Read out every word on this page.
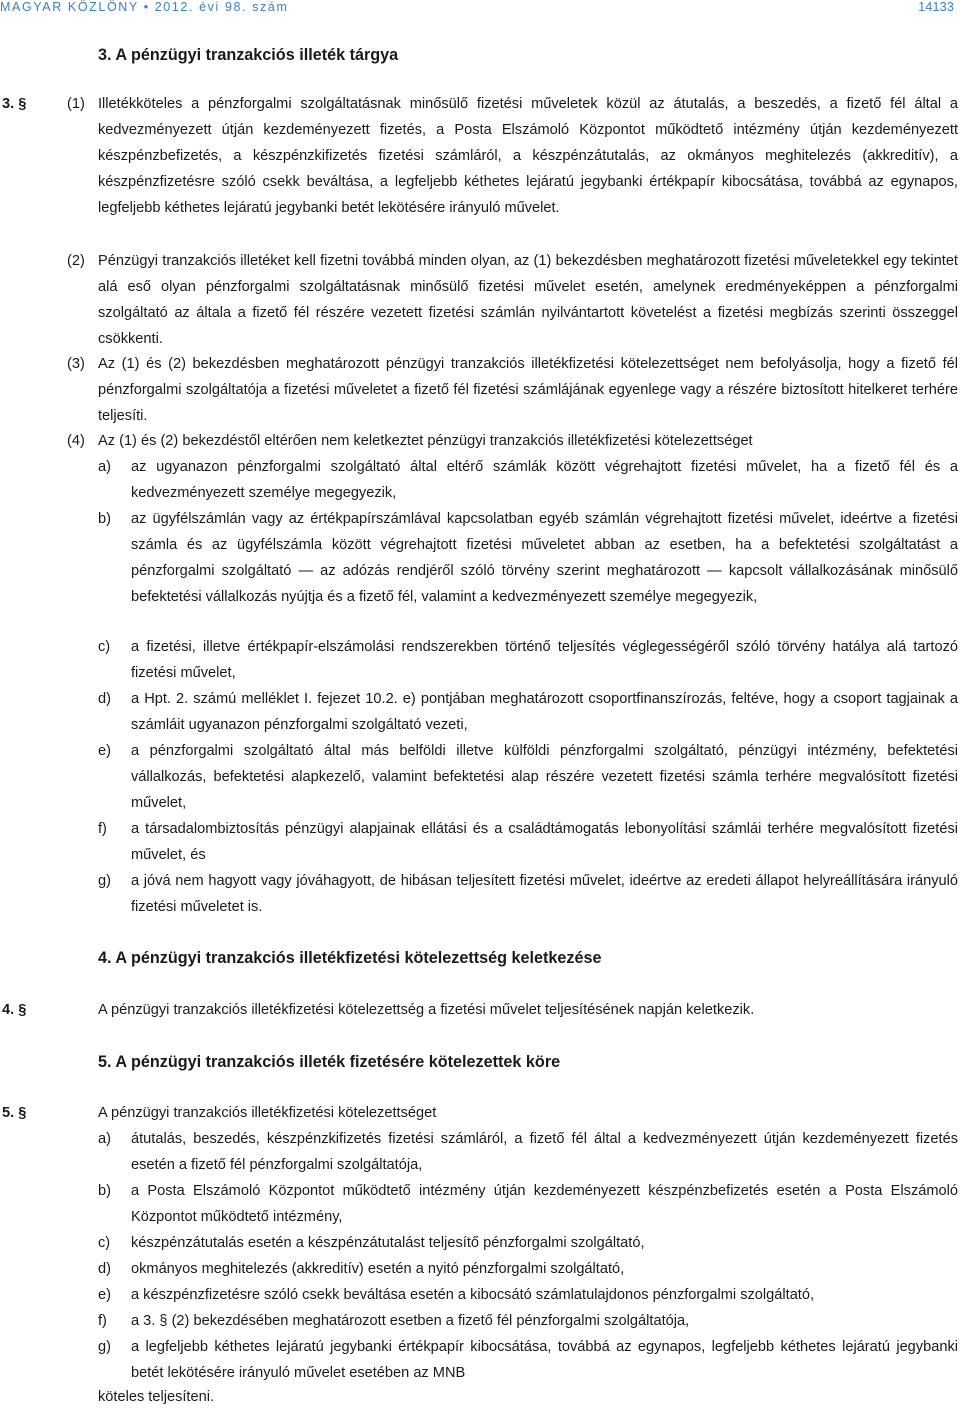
MAGYAR KÖZLÖNY • 2012. évi 98. szám	14133
3. A pénzügyi tranzakciós illeték tárgya
3. §	(1) Illetékköteles a pénzforgalmi szolgáltatásnak minősülő fizetési műveletek közül az átutalás, a beszedés, a fizető fél által a kedvezményezett útján kezdeményezett fizetés, a Posta Elszámoló Központot működtető intézmény útján kezdeményezett készpénzbefizetés, a készpénzkifizetés fizetési számláról, a készpénzátutalás, az okmányos meghitelezés (akkreditív), a készpénzfizetésre szóló csekk beváltása, a legfeljebb kéthetes lejáratú jegybanki értékpapír kibocsátása, továbbá az egynapos, legfeljebb kéthetes lejáratú jegybanki betét lekötésére irányuló művelet.
(2) Pénzügyi tranzakciós illetéket kell fizetni továbbá minden olyan, az (1) bekezdésben meghatározott fizetési műveletekkel egy tekintet alá eső olyan pénzforgalmi szolgáltatásnak minősülő fizetési művelet esetén, amelynek eredményeképpen a pénzforgalmi szolgáltató az általa a fizető fél részére vezetett fizetési számlán nyilvántartott követelést a fizetési megbízás szerinti összeggel csökkenti.
(3) Az (1) és (2) bekezdésben meghatározott pénzügyi tranzakciós illetékfizetési kötelezettséget nem befolyásolja, hogy a fizető fél pénzforgalmi szolgáltatója a fizetési műveletet a fizető fél fizetési számlájának egyenlege vagy a részére biztosított hitelkeret terhére teljesíti.
(4) Az (1) és (2) bekezdéstől eltérően nem keletkeztet pénzügyi tranzakciós illetékfizetési kötelezettséget
a) az ugyanazon pénzforgalmi szolgáltató által eltérő számlák között végrehajtott fizetési művelet, ha a fizető fél és a kedvezményezett személye megegyezik,
b) az ügyfélszámlán vagy az értékpapírszámlával kapcsolatban egyéb számlán végrehajtott fizetési művelet, ideértve a fizetési számla és az ügyfélszámla között végrehajtott fizetési műveletet abban az esetben, ha a befektetési szolgáltatást a pénzforgalmi szolgáltató — az adózás rendjéről szóló törvény szerint meghatározott — kapcsolt vállalkozásának minősülő befektetési vállalkozás nyújtja és a fizető fél, valamint a kedvezményezett személye megegyezik,
c) a fizetési, illetve értékpapír-elszámolási rendszerekben történő teljesítés véglegességéről szóló törvény hatálya alá tartozó fizetési művelet,
d) a Hpt. 2. számú melléklet I. fejezet 10.2. e) pontjában meghatározott csoportfinanszírozás, feltéve, hogy a csoport tagjainak a számláit ugyanazon pénzforgalmi szolgáltató vezeti,
e) a pénzforgalmi szolgáltató által más belföldi illetve külföldi pénzforgalmi szolgáltató, pénzügyi intézmény, befektetési vállalkozás, befektetési alapkezelő, valamint befektetési alap részére vezetett fizetési számla terhére megvalósított fizetési művelet,
f) a társadalombiztosítás pénzügyi alapjainak ellátási és a családtámogatás lebonyolítási számlái terhére megvalósított fizetési művelet, és
g) a jóvá nem hagyott vagy jóváhagyott, de hibásan teljesített fizetési művelet, ideértve az eredeti állapot helyreállítására irányuló fizetési műveletet is.
4. A pénzügyi tranzakciós illetékfizetési kötelezettség keletkezése
4. §	A pénzügyi tranzakciós illetékfizetési kötelezettség a fizetési művelet teljesítésének napján keletkezik.
5. A pénzügyi tranzakciós illeték fizetésére kötelezettek köre
5. §	A pénzügyi tranzakciós illetékfizetési kötelezettséget
a) átutalás, beszedés, készpénzkifizetés fizetési számláról, a fizető fél által a kedvezményezett útján kezdeményezett fizetés esetén a fizető fél pénzforgalmi szolgáltatója,
b) a Posta Elszámoló Központot működtető intézmény útján kezdeményezett készpénzbefizetés esetén a Posta Elszámoló Központot működtető intézmény,
c) készpénzátutalás esetén a készpénzátutalást teljesítő pénzforgalmi szolgáltató,
d) okmányos meghitelezés (akkreditív) esetén a nyitó pénzforgalmi szolgáltató,
e) a készpénzfizetésre szóló csekk beváltása esetén a kibocsátó számlatulajdonos pénzforgalmi szolgáltató,
f) a 3. § (2) bekezdésében meghatározott esetben a fizető fél pénzforgalmi szolgáltatója,
g) a legfeljebb kéthetes lejáratú jegybanki értékpapír kibocsátása, továbbá az egynapos, legfeljebb kéthetes lejáratú jegybanki betét lekötésére irányuló művelet esetében az MNB
köteles teljesíteni.
